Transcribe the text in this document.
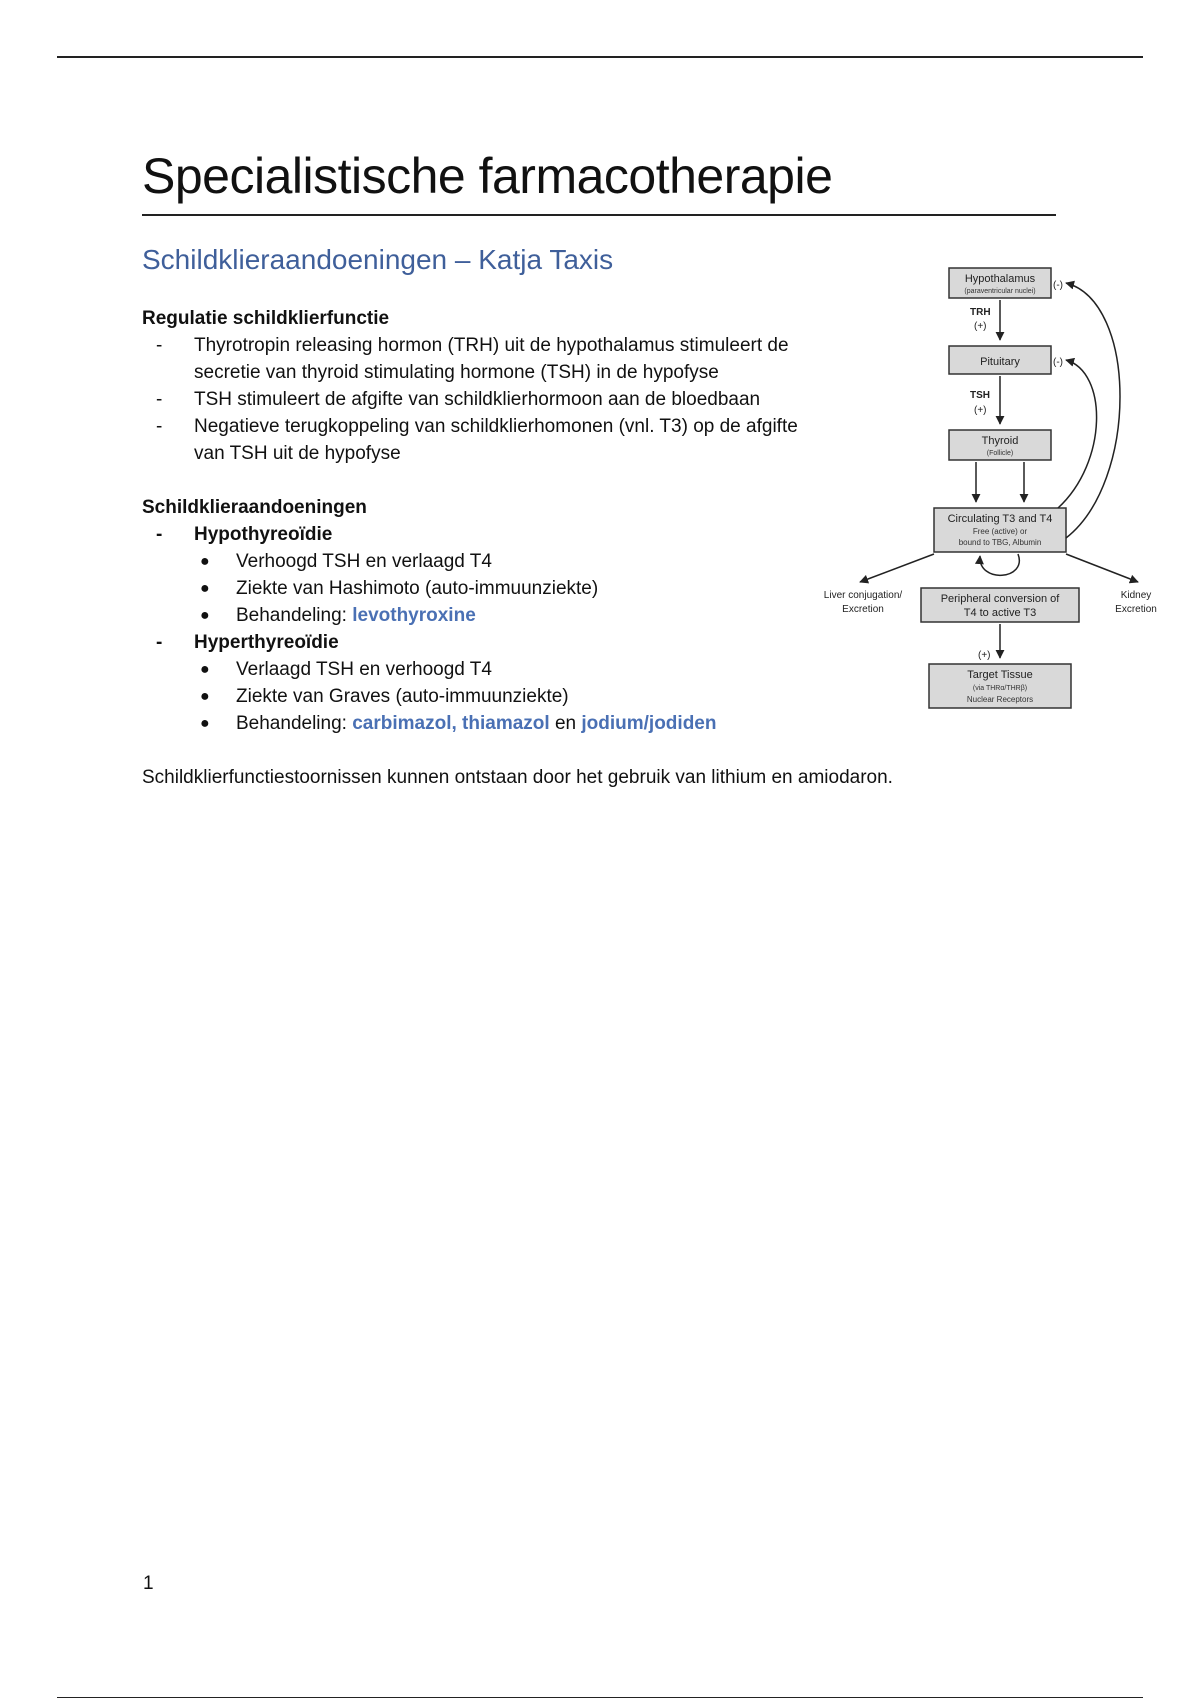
Specialistische farmacotherapie
Schildklieraandoeningen – Katja Taxis
Regulatie schildklierfunctie
- Thyrotropin releasing hormon (TRH) uit de hypothalamus stimuleert de secretie van thyroid stimulating hormone (TSH) in de hypofyse
- TSH stimuleert de afgifte van schildklierhormoon aan de bloedbaan
- Negatieve terugkoppeling van schildklierhomonen (vnl. T3) op de afgifte van TSH uit de hypofyse
Schildklieraandoeningen
- Hypothyreoïdie
● Verhoogd TSH en verlaagd T4
● Ziekte van Hashimoto (auto-immuunziekte)
● Behandeling: levothyroxine
- Hyperthyreoïdie
● Verlaagd TSH en verhoogd T4
● Ziekte van Graves (auto-immuunziekte)
● Behandeling: carbimazol, thiamazol en jodium/jodiden
Schildklierfunctiestoornissen kunnen ontstaan door het gebruik van lithium en amiodaron.
Hypothalamus
(paraventricular nuclei)
(-)
TRH
(+)
Pituitary	(-)
TSH
(+)
Thyroid
(Follicle)
Circulating T3 and T4
Free (active) or
bound to TBG, Albumin
Liver conjugation/
Excretion
Kidney
Excretion
Peripheral conversion of
T4 to active T3
(+)
Target Tissue
(via THRα/THRβ)
Nuclear Receptors
1
